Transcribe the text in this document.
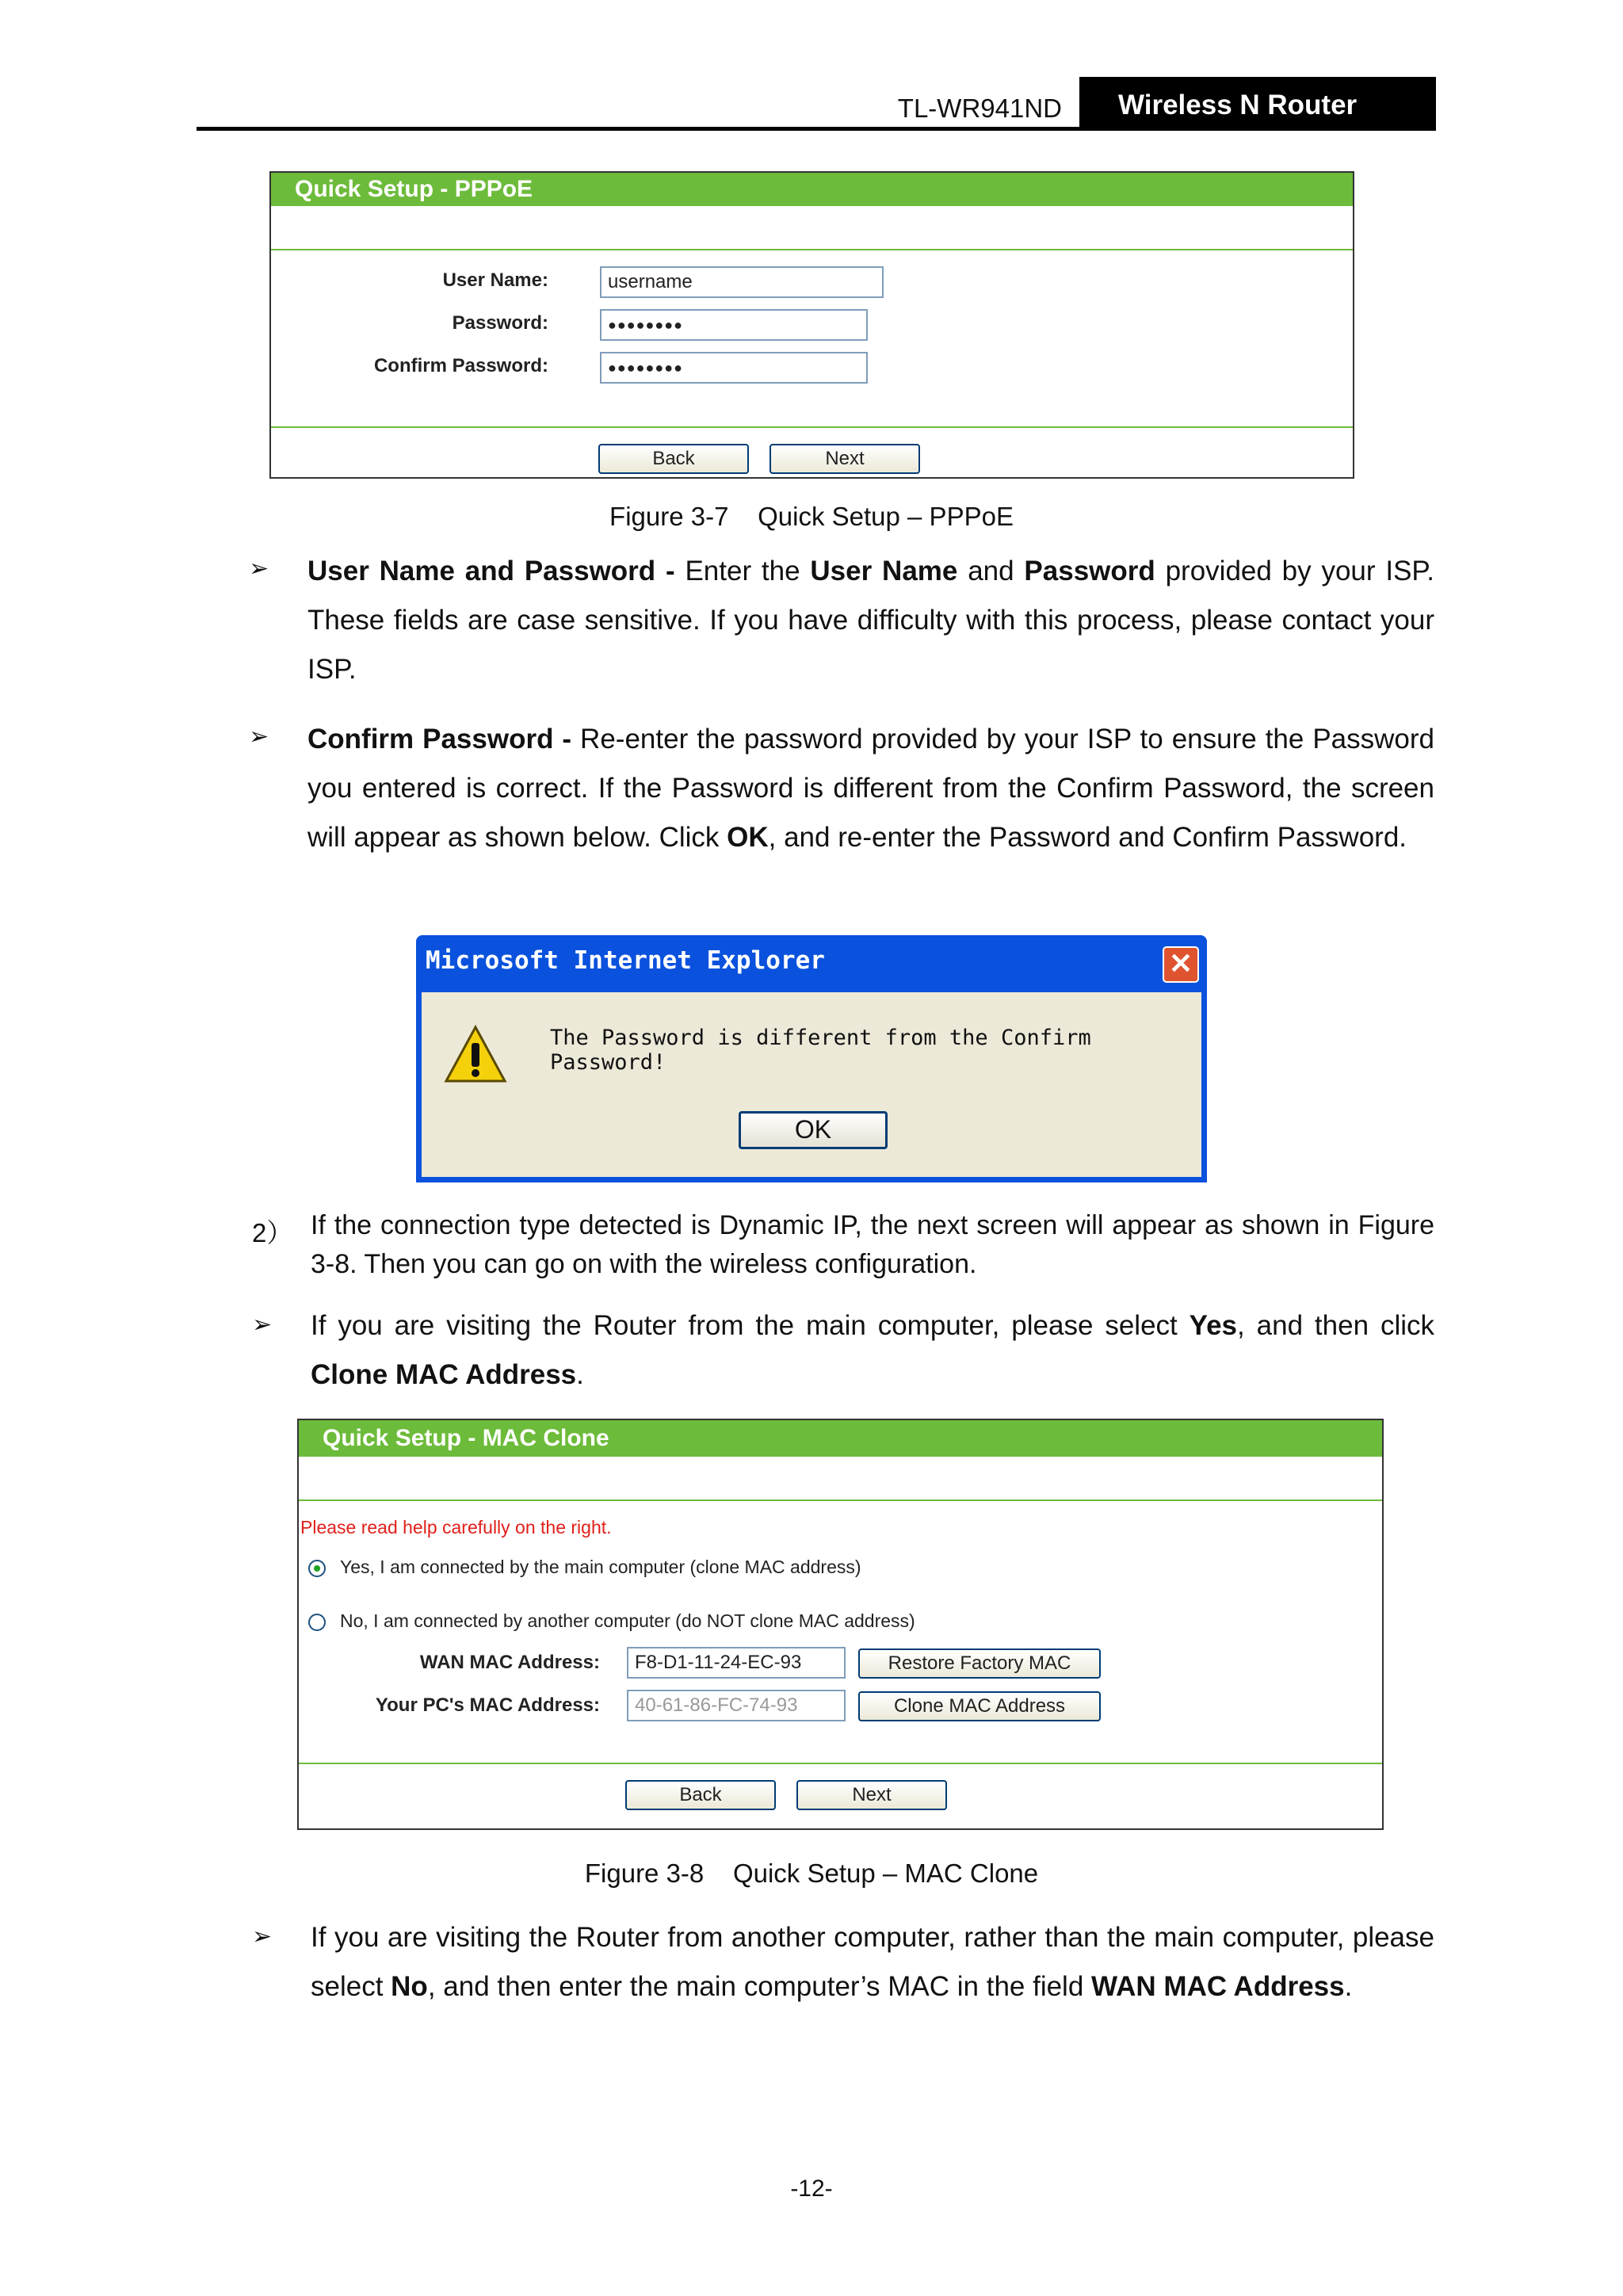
TL-WR941ND	Wireless N Router
Quick Setup - PPPoE
User Name:	username
Password:	●●●●●●●●
Confirm Password:	●●●●●●●●
Back	Next
Figure 3-7    Quick Setup – PPPoE
➢ User Name and Password - Enter the User Name and Password provided by your ISP. These fields are case sensitive. If you have difficulty with this process, please contact your ISP.
➢ Confirm Password - Re-enter the password provided by your ISP to ensure the Password you entered is correct. If the Password is different from the Confirm Password, the screen will appear as shown below. Click OK, and re-enter the Password and Confirm Password.
Microsoft Internet Explorer	✕
The Password is different from the Confirm Password!
OK
2） If the connection type detected is Dynamic IP, the next screen will appear as shown in Figure 3-8. Then you can go on with the wireless configuration.
➢ If you are visiting the Router from the main computer, please select Yes, and then click Clone MAC Address.
Quick Setup - MAC Clone
Please read help carefully on the right.
Yes, I am connected by the main computer (clone MAC address)
No, I am connected by another computer (do NOT clone MAC address)
WAN MAC Address:	F8-D1-11-24-EC-93	Restore Factory MAC
Your PC's MAC Address:	40-61-86-FC-74-93	Clone MAC Address
Back	Next
Figure 3-8    Quick Setup – MAC Clone
➢ If you are visiting the Router from another computer, rather than the main computer, please select No, and then enter the main computer’s MAC in the field WAN MAC Address.
-12-
